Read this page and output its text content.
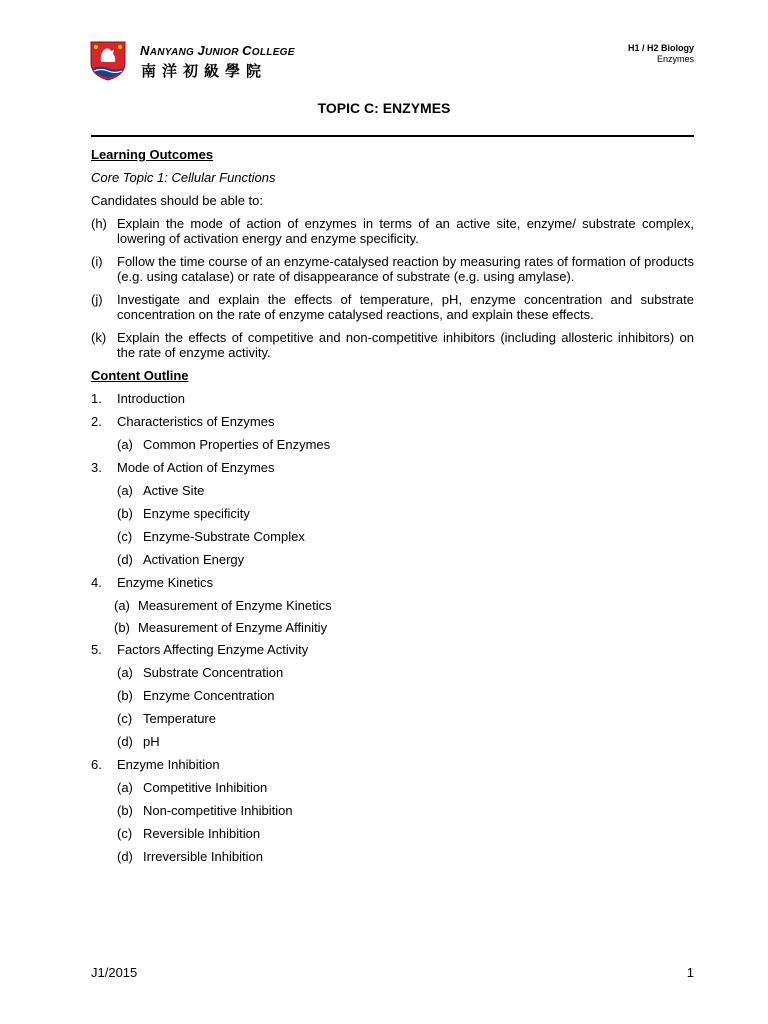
NANYANG JUNIOR COLLEGE
南洋初級學院
H1 / H2 Biology
Enzymes
TOPIC C: ENZYMES
Learning Outcomes
Core Topic 1: Cellular Functions
Candidates should be able to:
(h) Explain the mode of action of enzymes in terms of an active site, enzyme/ substrate complex, lowering of activation energy and enzyme specificity.
(i)	Follow the time course of an enzyme-catalysed reaction by measuring rates of formation of products (e.g. using catalase) or rate of disappearance of substrate (e.g. using amylase).
(j)	Investigate and explain the effects of temperature, pH, enzyme concentration and substrate concentration on the rate of enzyme catalysed reactions, and explain these effects.
(k) Explain the effects of competitive and non-competitive inhibitors (including allosteric inhibitors) on the rate of enzyme activity.
Content Outline
1.	Introduction
2.	Characteristics of Enzymes
(a) Common Properties of Enzymes
3.	Mode of Action of Enzymes
(a) Active Site
(b) Enzyme specificity
(c) Enzyme-Substrate Complex
(d) Activation Energy
4.	Enzyme Kinetics
(a) Measurement of Enzyme Kinetics
(b) Measurement of Enzyme Affinitiy
5.	Factors Affecting Enzyme Activity
(a) Substrate Concentration
(b) Enzyme Concentration
(c) Temperature
(d) pH
6.	Enzyme Inhibition
(a) Competitive Inhibition
(b) Non-competitive Inhibition
(c) Reversible Inhibition
(d) Irreversible Inhibition
J1/2015	1
